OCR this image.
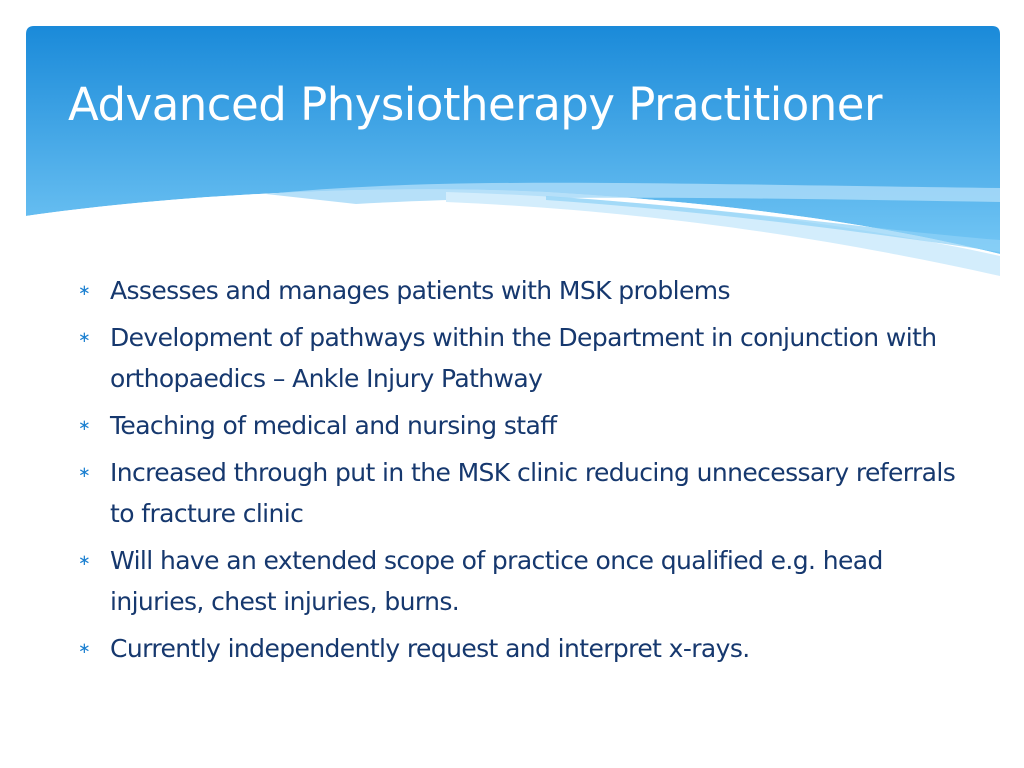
Advanced Physiotherapy Practitioner
∗ Assesses and manages patients with MSK problems
∗ Development of pathways within the Department in conjunction with orthopaedics – Ankle Injury Pathway
∗ Teaching of medical and nursing staff
∗ Increased through put in the MSK clinic reducing unnecessary referrals to fracture clinic
∗ Will have an extended scope of practice once qualified e.g. head injuries, chest injuries, burns.
∗ Currently independently request and interpret x-rays.
